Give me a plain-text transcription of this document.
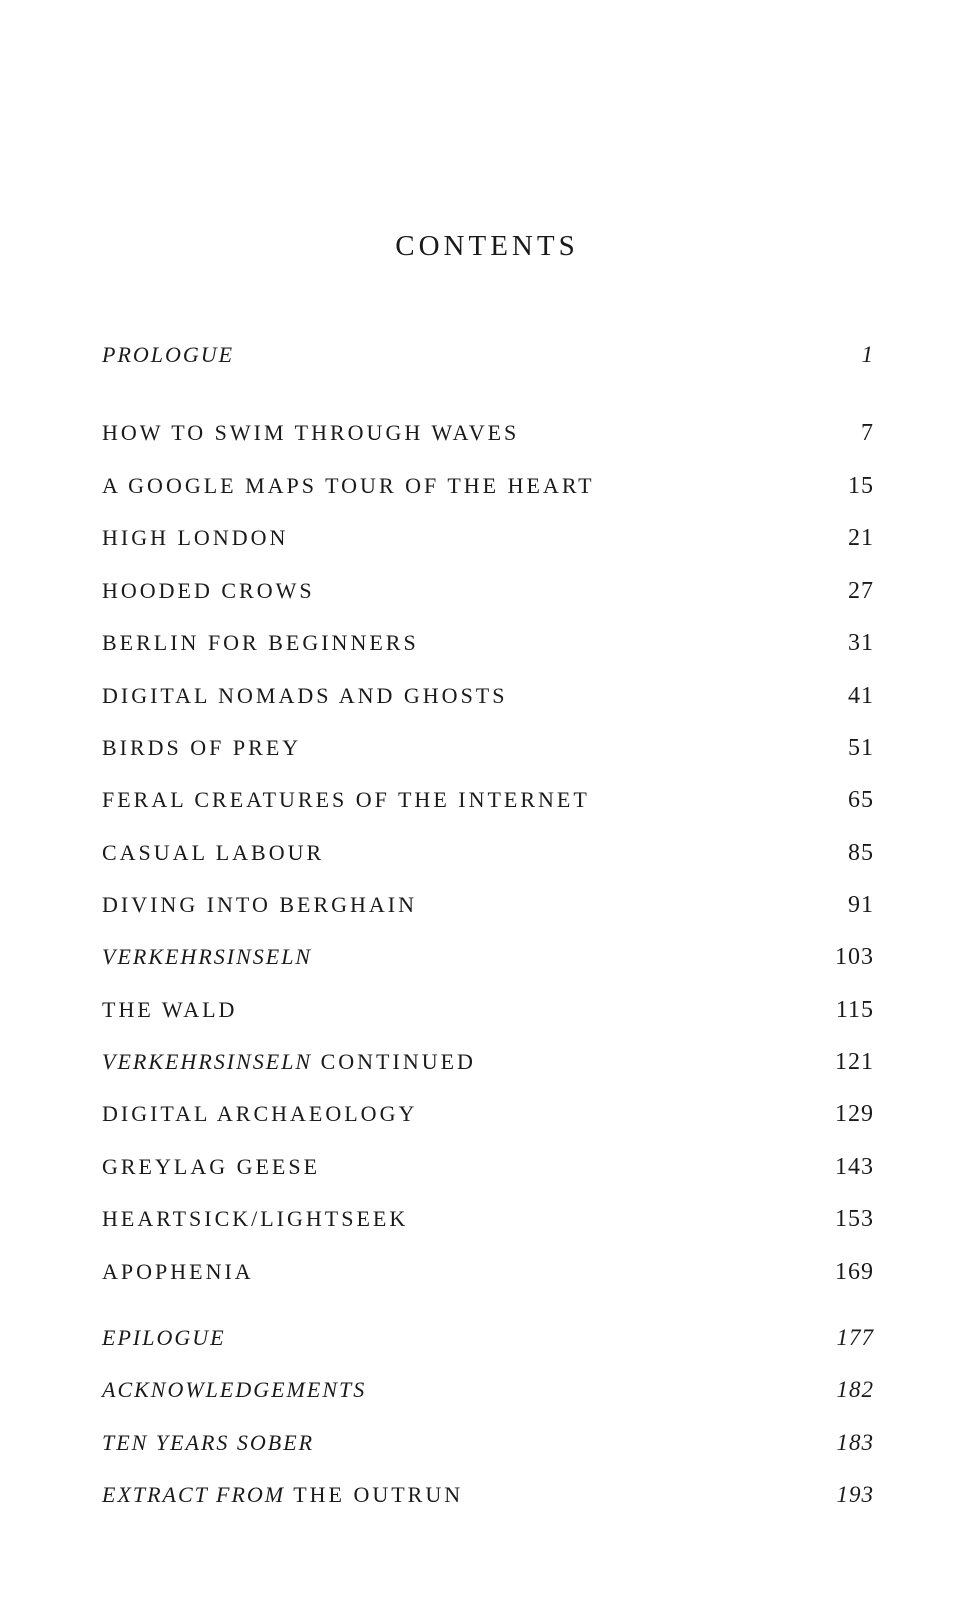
CONTENTS
PROLOGUE	1
HOW TO SWIM THROUGH WAVES	7
A GOOGLE MAPS TOUR OF THE HEART	15
HIGH LONDON	21
HOODED CROWS	27
BERLIN FOR BEGINNERS	31
DIGITAL NOMADS AND GHOSTS	41
BIRDS OF PREY	51
FERAL CREATURES OF THE INTERNET	65
CASUAL LABOUR	85
DIVING INTO BERGHAIN	91
VERKEHRSINSELN	103
THE WALD	115
VERKEHRSINSELN CONTINUED	121
DIGITAL ARCHAEOLOGY	129
GREYLAG GEESE	143
HEARTSICK/LIGHTSEEK	153
APOPHENIA	169
EPILOGUE	177
ACKNOWLEDGEMENTS	182
TEN YEARS SOBER	183
EXTRACT FROM THE OUTRUN	193
